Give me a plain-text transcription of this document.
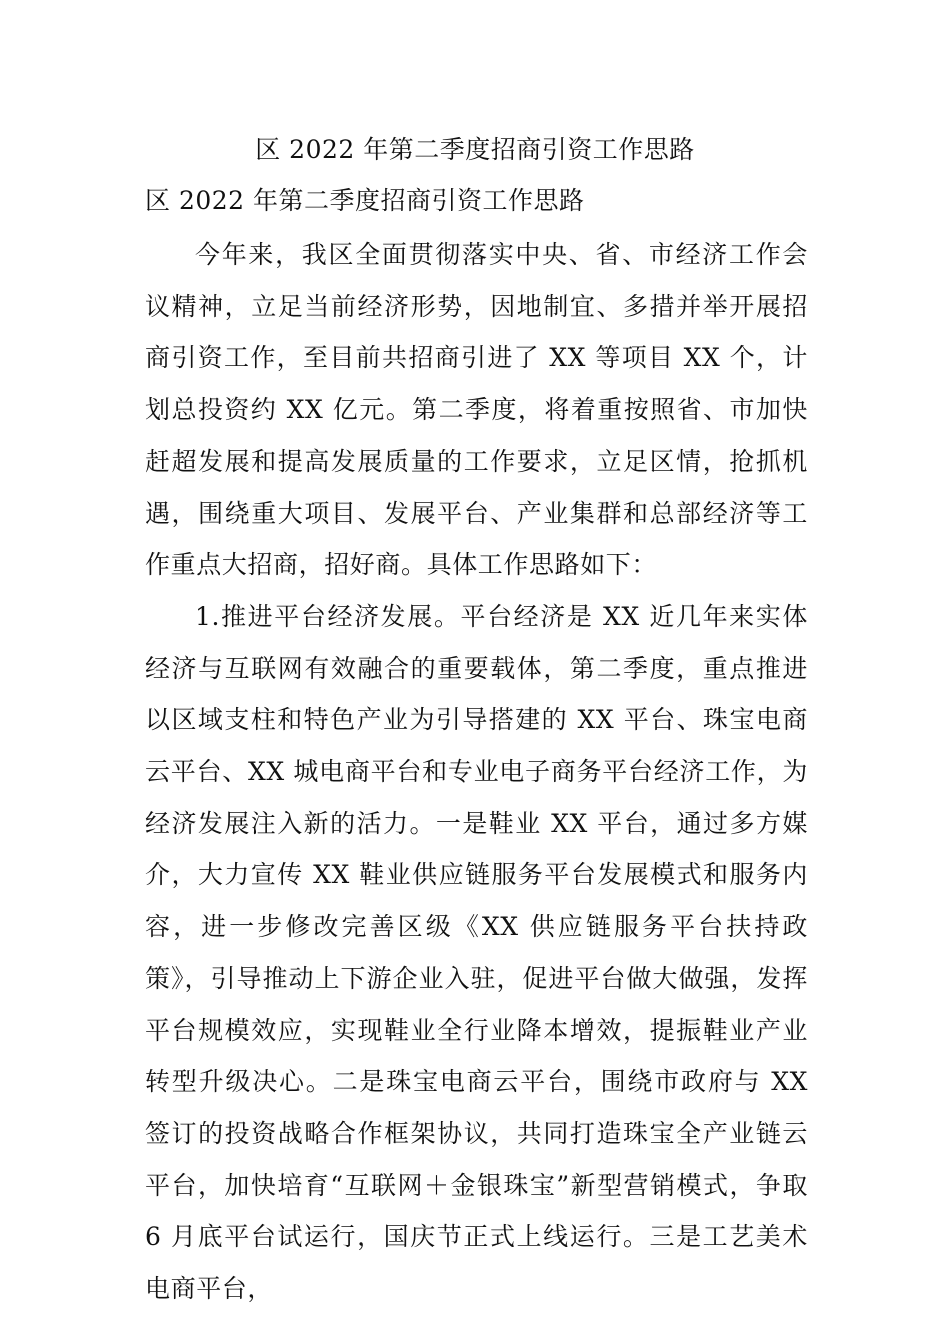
区 2022 年第二季度招商引资工作思路
区 2022 年第二季度招商引资工作思路

今年来，我区全面贯彻落实中央、省、市经济工作会议精神，立足当前经济形势，因地制宜、多措并举开展招商引资工作，至目前共招商引进了 XX 等项目 XX 个，计划总投资约 XX 亿元。第二季度，将着重按照省、市加快赶超发展和提高发展质量的工作要求，立足区情，抢抓机遇，围绕重大项目、发展平台、产业集群和总部经济等工作重点大招商，招好商。具体工作思路如下：

1.推进平台经济发展。平台经济是 XX 近几年来实体经济与互联网有效融合的重要载体，第二季度，重点推进以区域支柱和特色产业为引导搭建的 XX 平台、珠宝电商云平台、XX 城电商平台和专业电子商务平台经济工作，为经济发展注入新的活力。一是鞋业 XX 平台，通过多方媒介，大力宣传 XX 鞋业供应链服务平台发展模式和服务内容，进一步修改完善区级《XX 供应链服务平台扶持政策》，引导推动上下游企业入驻，促进平台做大做强，发挥平台规模效应，实现鞋业全行业降本增效，提振鞋业产业转型升级决心。二是珠宝电商云平台，围绕市政府与 XX 签订的投资战略合作框架协议，共同打造珠宝全产业链云平台，加快培育“互联网＋金银珠宝”新型营销模式，争取 6 月底平台试运行，国庆节正式上线运行。三是工艺美术电商平台，
